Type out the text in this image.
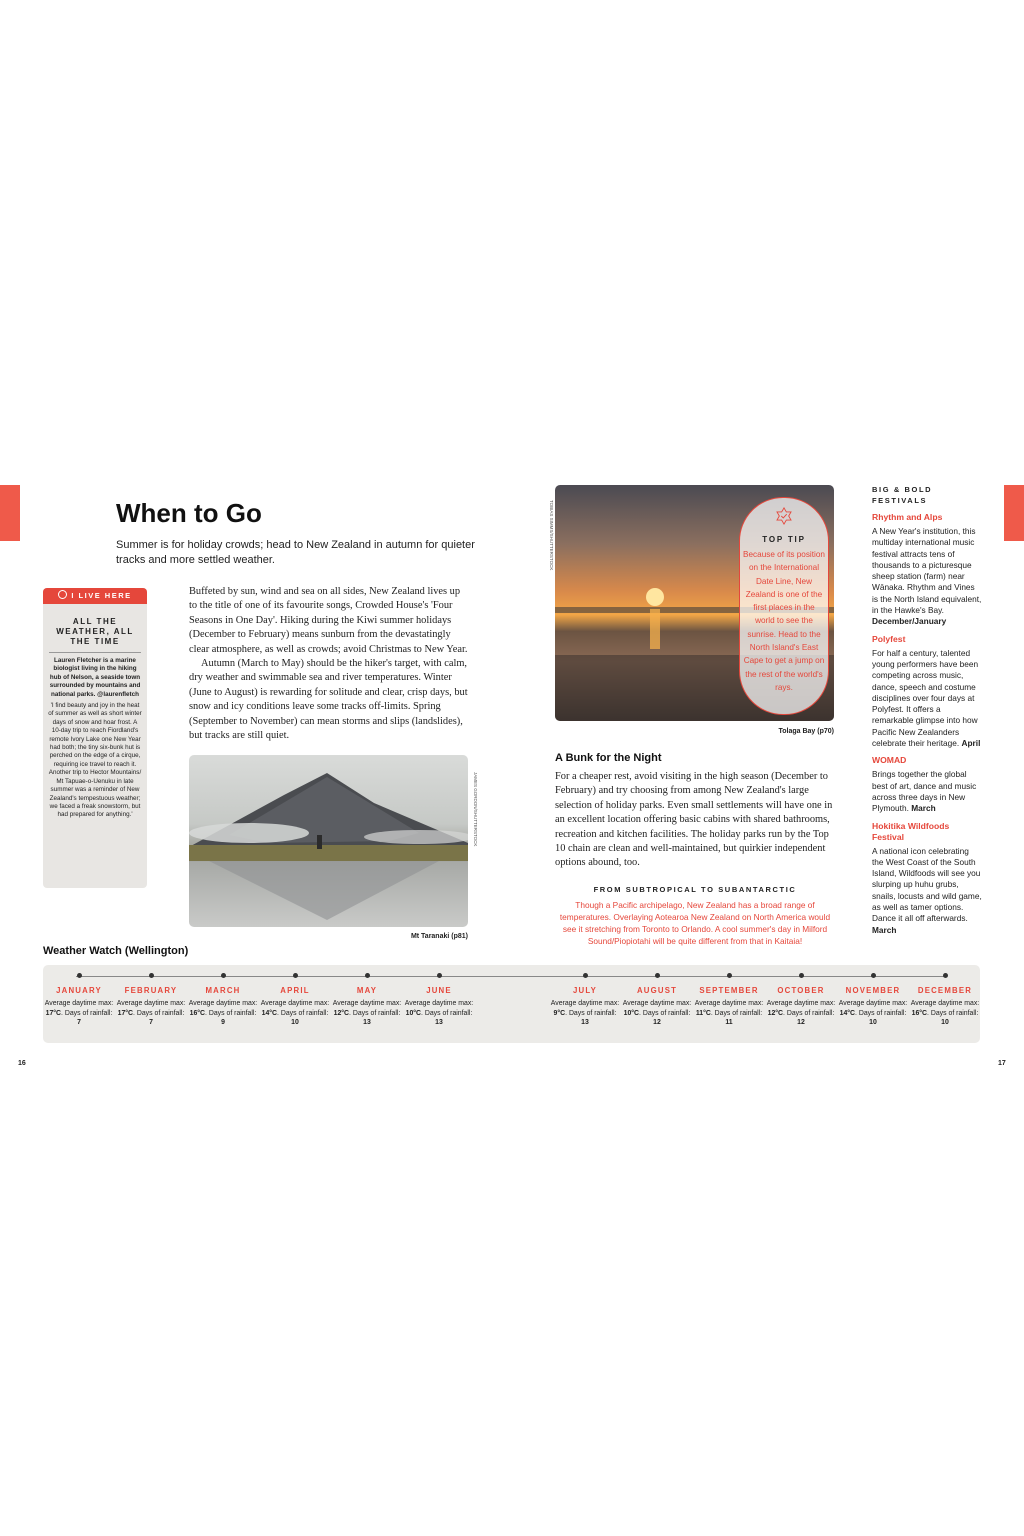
When to Go

Summer is for holiday crowds; head to New Zealand in autumn for quieter tracks and more settled weather.

I LIVE HERE
ALL THE WEATHER, ALL THE TIME
Lauren Fletcher is a marine biologist living in the hiking hub of Nelson, a seaside town surrounded by mountains and national parks. @laurenfletch
'I find beauty and joy in the heat of summer as well as short winter days of snow and hoar frost. A 10-day trip to reach Fiordland's remote Ivory Lake one New Year had both; the tiny six-bunk hut is perched on the edge of a cirque, requiring ice travel to reach it. Another trip to Hector Mountains/ Mt Tapuae-o-Uenuku in late summer was a reminder of New Zealand's tempestuous weather; we faced a freak snowstorm, but had prepared for anything.'

Buffeted by sun, wind and sea on all sides, New Zealand lives up to the title of one of its favourite songs, Crowded House's 'Four Seasons in One Day'. Hiking during the Kiwi summer holidays (December to February) means sunburn from the devastatingly clear atmosphere, as well as crowds; avoid Christmas to New Year.

Autumn (March to May) should be the hiker's target, with calm, dry weather and swimmable sea and river temperatures. Winter (June to August) is rewarding for solitude and clear, crisp days, but snow and icy conditions leave some tracks off-limits. Spring (September to November) can mean storms and slips (landslides), but tracks are still quiet.

JAMES GORDON/SHUTTERSTOCK
Mt Taranaki (p81)
TOBIAS SIMMS/SHUTTERSTOCK
Tolaga Bay (p70)
TOP TIP
Because of its position on the International Date Line, New Zealand is one of the first places in the world to see the sunrise. Head to the North Island's East Cape to get a jump on the rest of the world's rays.
A Bunk for the Night

For a cheaper rest, avoid visiting in the high season (December to February) and try choosing from among New Zealand's large selection of holiday parks. Even small settlements will have one in an excellent location offering basic cabins with shared bathrooms, recreation and kitchen facilities. The holiday parks run by the Top 10 chain are clean and well-maintained, but quirkier independent options abound, too.

FROM SUBTROPICAL TO SUBANTARCTIC
Though a Pacific archipelago, New Zealand has a broad range of temperatures. Overlaying Aotearoa New Zealand on North America would see it stretching from Toronto to Orlando. A cool summer's day in Milford Sound/Piopiotahi will be quite different from that in Kaitaia!
BIG & BOLD FESTIVALS
Rhythm and Alps
A New Year's institution, this multiday international music festival attracts tens of thousands to a picturesque sheep station (farm) near Wānaka. Rhythm and Vines is the North Island equivalent, in the Hawke's Bay. December/January
Polyfest
For half a century, talented young performers have been competing across music, dance, speech and costume disciplines over four days at Polyfest. It offers a remarkable glimpse into how Pacific New Zealanders celebrate their heritage. April
WOMAD
Brings together the global best of art, dance and music across three days in New Plymouth. March
Hokitika Wildfoods Festival
A national icon celebrating the West Coast of the South Island, Wildfoods will see you slurping up huhu grubs, snails, locusts and wild game, as well as tamer options. Dance it all off afterwards. March
Weather Watch (Wellington)
JANUARY
Average daytime max: 17°C. Days of rainfall: 7
FEBRUARY
Average daytime max: 17°C. Days of rainfall: 7
MARCH
Average daytime max: 16°C. Days of rainfall: 9
APRIL
Average daytime max: 14°C. Days of rainfall: 10
MAY
Average daytime max: 12°C. Days of rainfall: 13
JUNE
Average daytime max: 10°C. Days of rainfall: 13
JULY
Average daytime max: 9°C. Days of rainfall: 13
AUGUST
Average daytime max: 10°C. Days of rainfall: 12
SEPTEMBER
Average daytime max: 11°C. Days of rainfall: 11
OCTOBER
Average daytime max: 12°C. Days of rainfall: 12
NOVEMBER
Average daytime max: 14°C. Days of rainfall: 10
DECEMBER
Average daytime max: 16°C. Days of rainfall: 10
16	17
